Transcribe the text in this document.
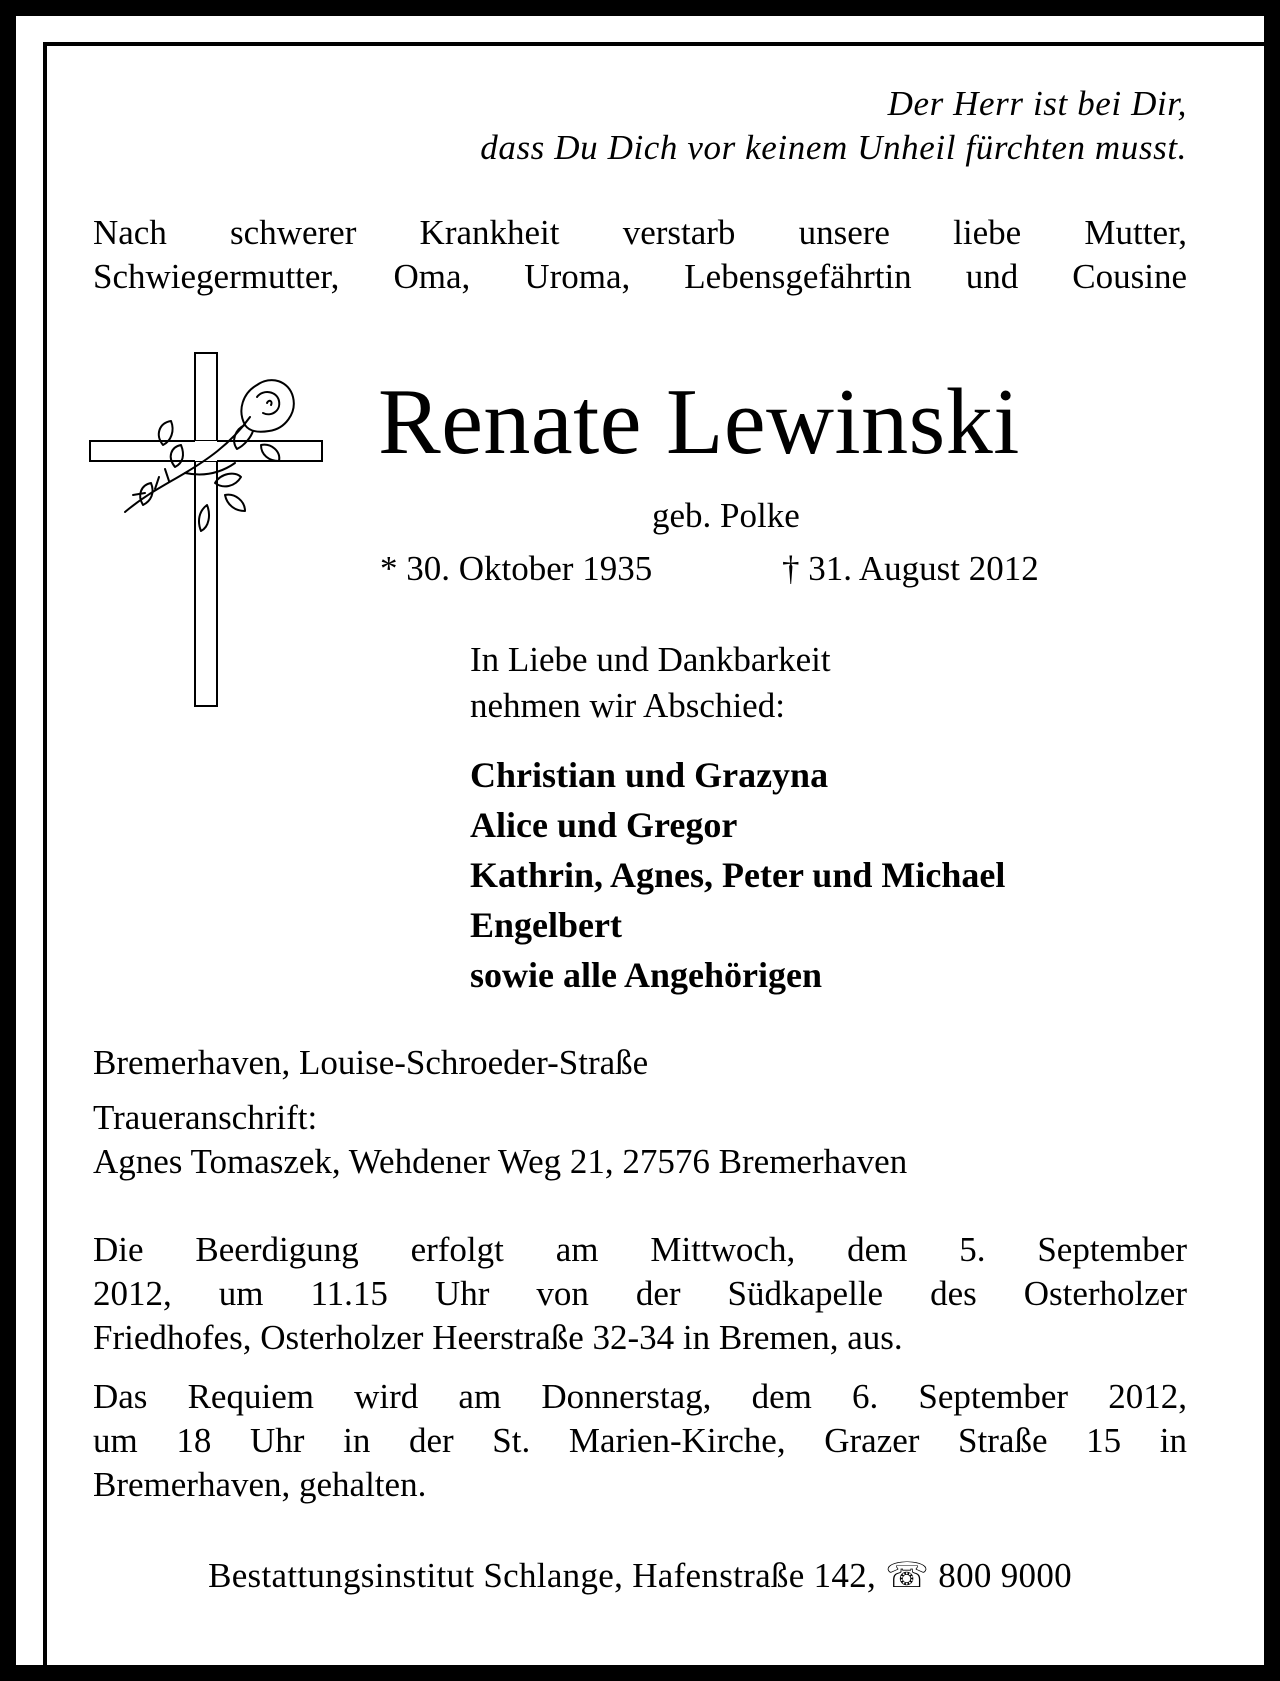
Der Herr ist bei Dir,
dass Du Dich vor keinem Unheil fürchten musst.
Nach schwerer Krankheit verstarb unsere liebe Mutter,
Schwiegermutter, Oma, Uroma, Lebensgefährtin und Cousine
Renate Lewinski
geb. Polke
* 30. Oktober 1935	† 31. August 2012
In Liebe und Dankbarkeit
nehmen wir Abschied:
Christian und Grazyna
Alice und Gregor
Kathrin, Agnes, Peter und Michael
Engelbert
sowie alle Angehörigen
Bremerhaven, Louise-Schroeder-Straße
Traueranschrift:
Agnes Tomaszek, Wehdener Weg 21, 27576 Bremerhaven
Die Beerdigung erfolgt am Mittwoch, dem 5. September
2012, um 11.15 Uhr von der Südkapelle des Osterholzer
Friedhofes, Osterholzer Heerstraße 32-34 in Bremen, aus.
Das Requiem wird am Donnerstag, dem 6. September 2012,
um 18 Uhr in der St. Marien-Kirche, Grazer Straße 15 in
Bremerhaven, gehalten.
Bestattungsinstitut Schlange, Hafenstraße 142, ☏ 800 9000
